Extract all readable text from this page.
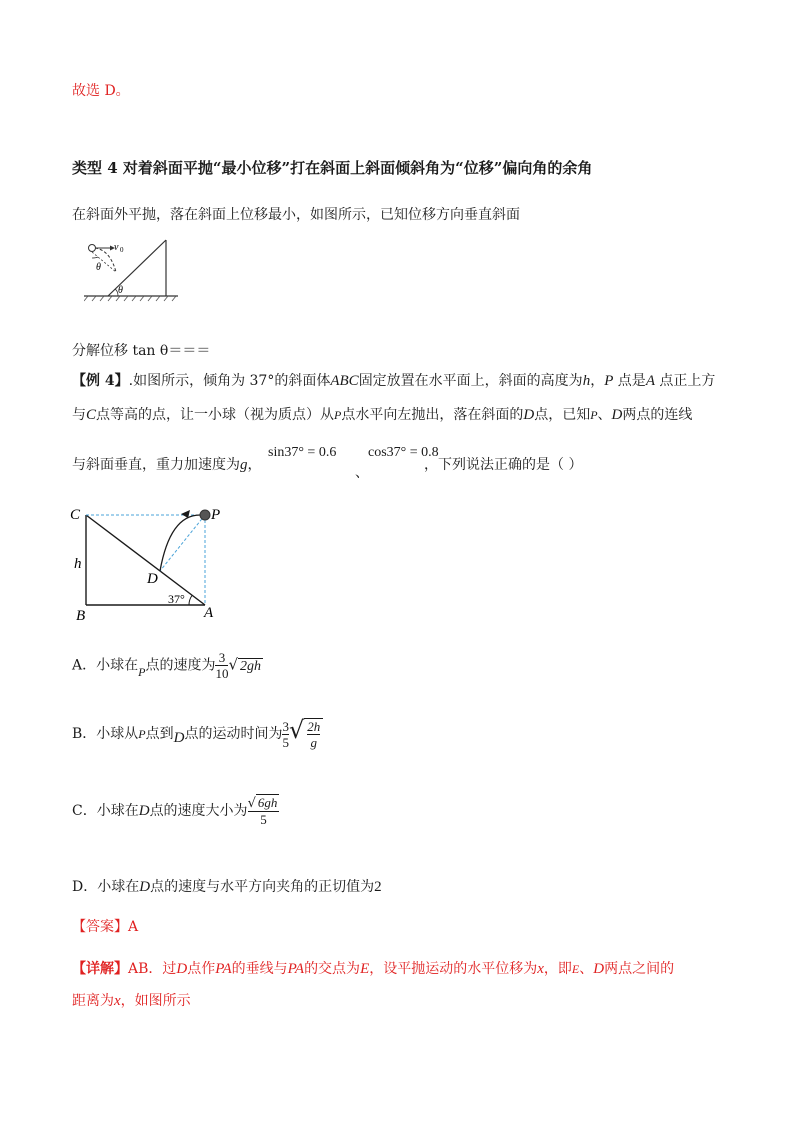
故选 D。
类型 4 对着斜面平抛“最小位移”打在斜面上斜面倾斜角为“位移”偏向角的余角
在斜面外平抛，落在斜面上位移最小，如图所示，已知位移方向垂直斜面
v 0
θ
θ
分解位移 tan θ＝＝＝
【例 4】.如图所示，倾角为 37°的斜面体ABC固定放置在水平面上，斜面的高度为h，P 点是A 点正上方
与C点等高的点，让一小球（视为质点）从P点水平向左抛出，落在斜面的D点，已知P、D两点的连线
与斜面垂直，重力加速度为g，
sin37° = 0.6
、
cos37° = 0.8
，下列说法正确的是（ ）
C	P
h
D
37°
B	A
A．小球在P点的速度为 $\frac{3}{10}$ √ 2gh
B．小球从P点到D点的运动时间为 $\frac{3}{5}$ √ $\frac{2h}{g}$
C．小球在D点的速度大小为 $\frac{√ 6gh}{5}$
D．小球在D点的速度与水平方向夹角的正切值为2
【答案】A
【详解】AB．过D点作PA的垂线与PA的交点为E，设平抛运动的水平位移为x，即E、D两点之间的
距离为x，如图所示
